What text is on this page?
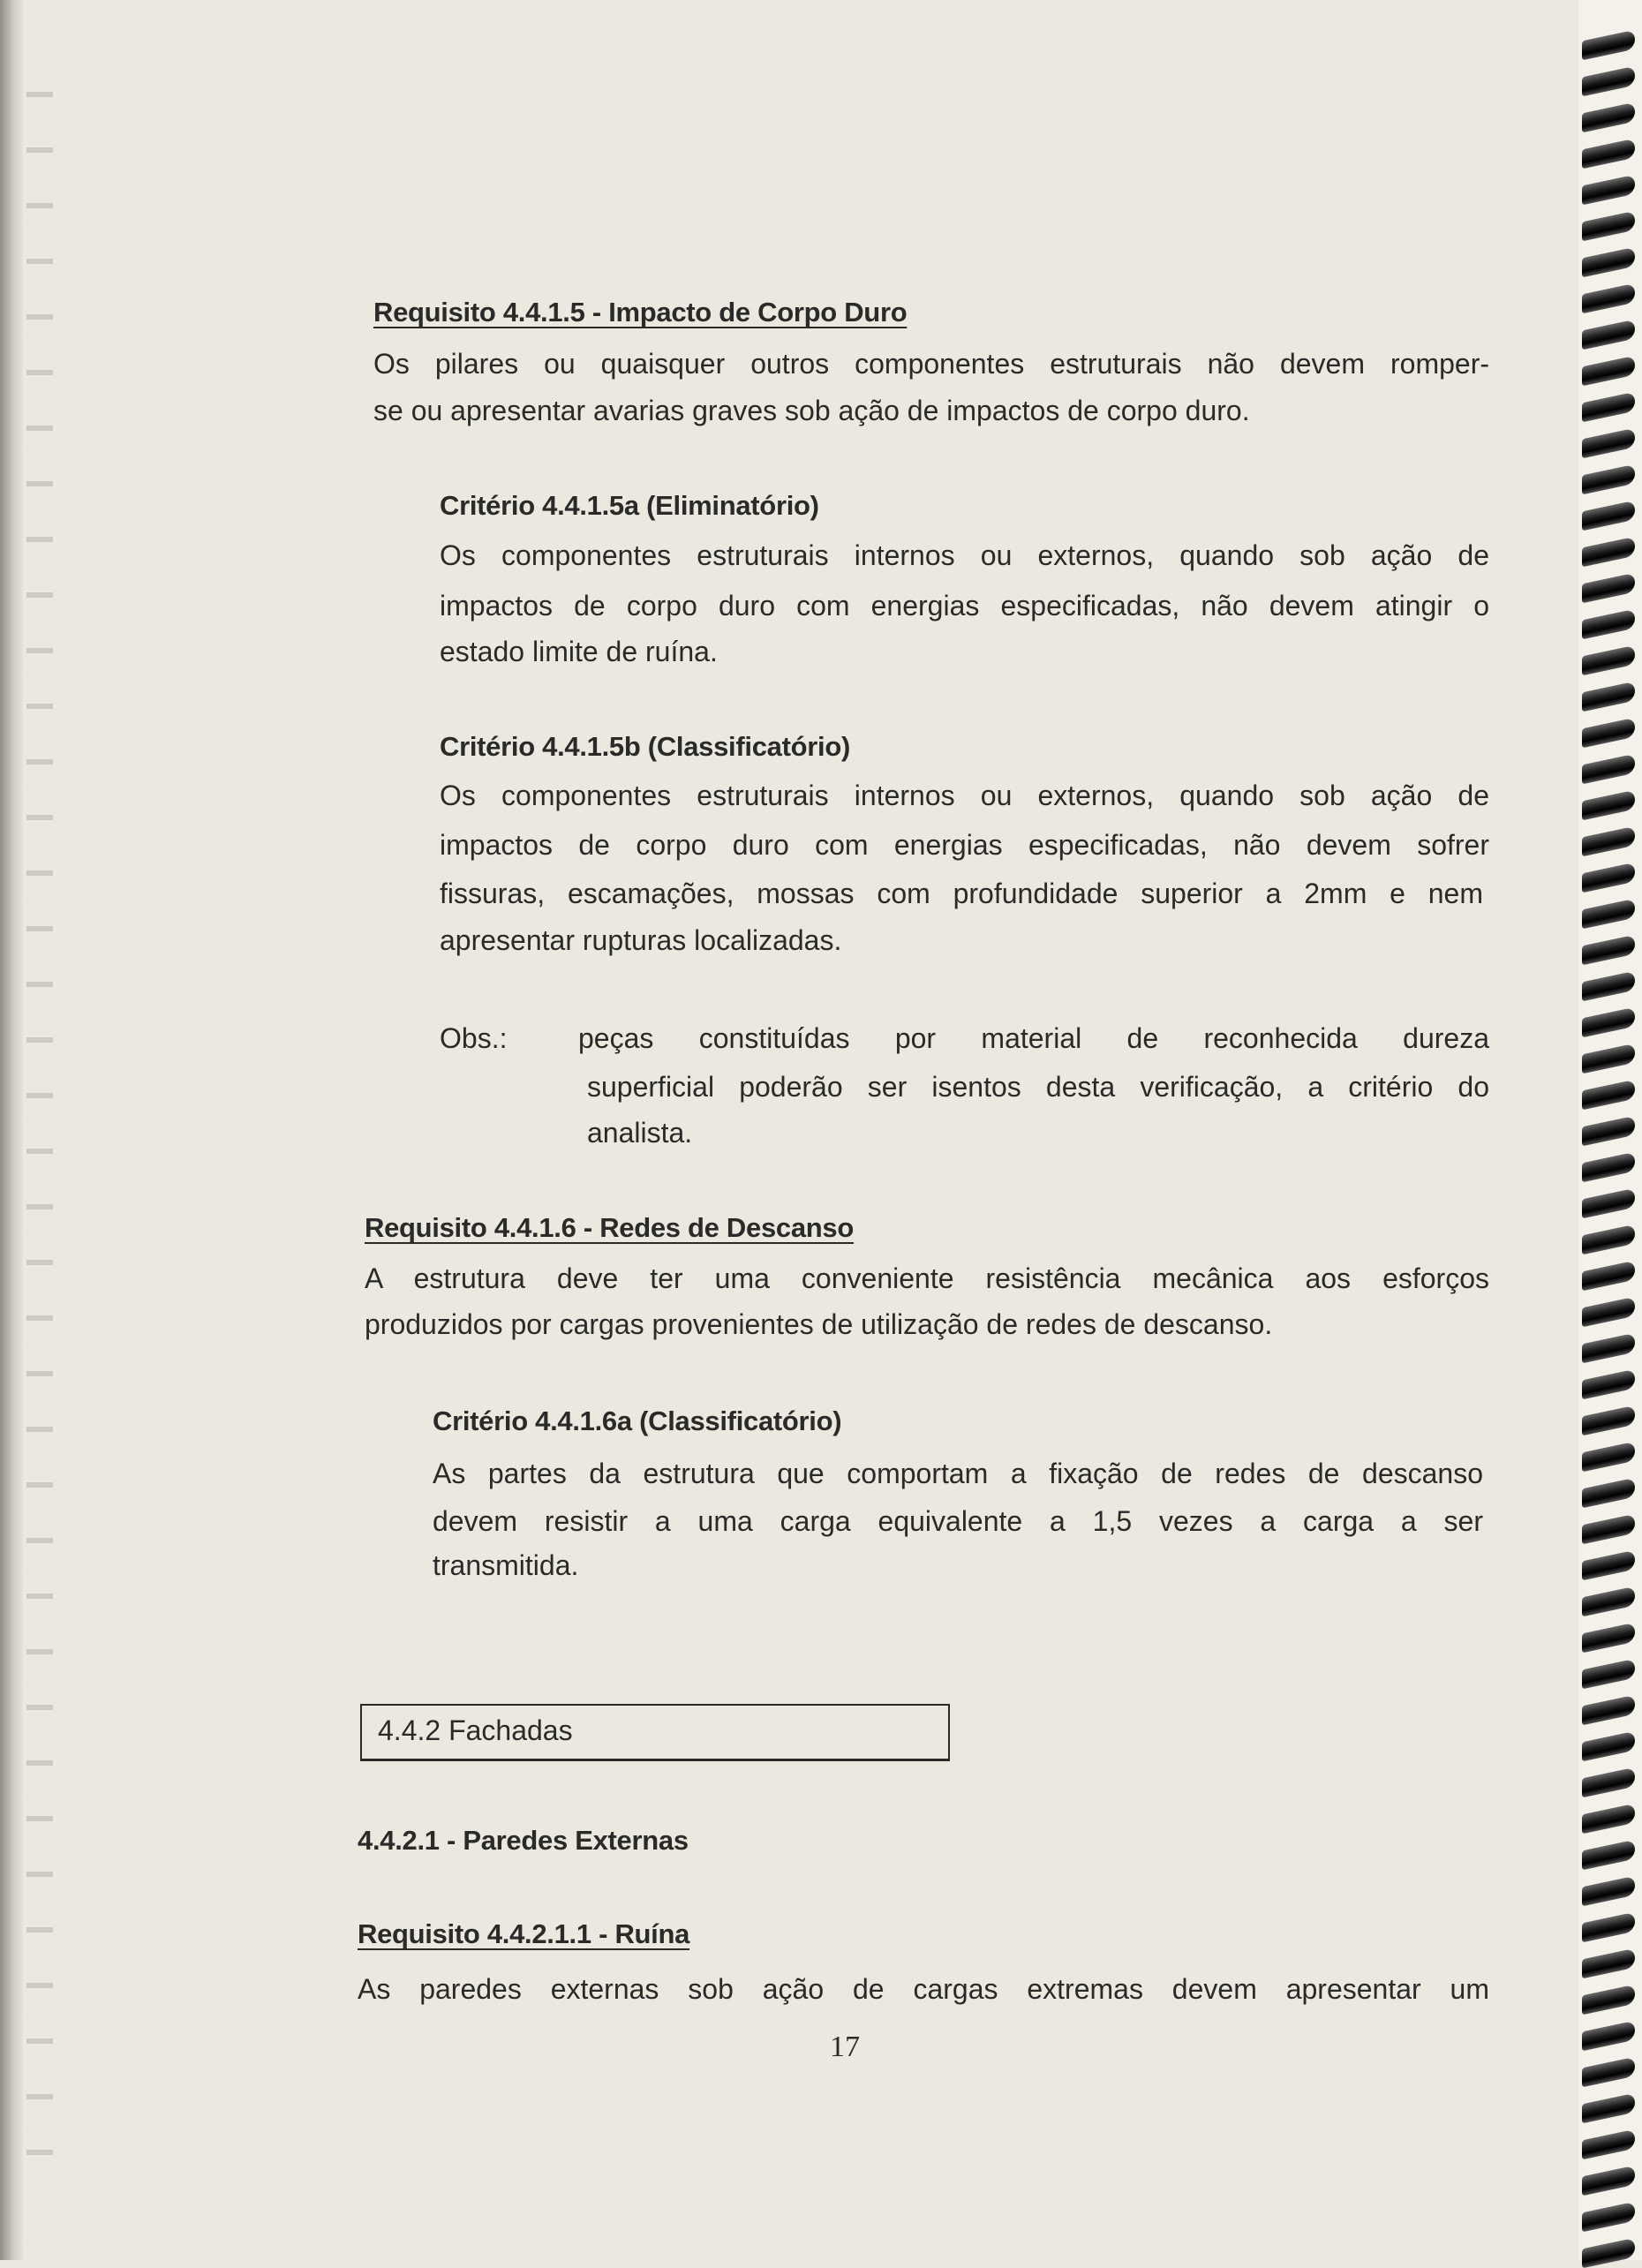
Requisito 4.4.1.5 - Impacto de Corpo Duro
Os pilares ou quaisquer outros componentes estruturais não devem romper-
se ou apresentar avarias graves sob ação de impactos de corpo duro.
Critério 4.4.1.5a (Eliminatório)
Os componentes estruturais internos ou externos, quando sob ação de
impactos de corpo duro com energias especificadas, não devem atingir o
estado limite de ruína.
Critério 4.4.1.5b (Classificatório)
Os componentes estruturais internos ou externos, quando sob ação de
impactos de corpo duro com energias especificadas, não devem sofrer
fissuras, escamações, mossas com profundidade superior a 2mm e nem
apresentar rupturas localizadas.
Obs.:	peças constituídas por material de reconhecida dureza
superficial poderão ser isentos desta verificação, a critério do
analista.
Requisito 4.4.1.6 - Redes de Descanso
A estrutura deve ter uma conveniente resistência mecânica aos esforços
produzidos por cargas provenientes de utilização de redes de descanso.
Critério 4.4.1.6a (Classificatório)
As partes da estrutura que comportam a fixação de redes de descanso
devem resistir a uma carga equivalente a 1,5 vezes a carga a ser
transmitida.
4.4.2 Fachadas
4.4.2.1 - Paredes Externas
Requisito 4.4.2.1.1 - Ruína
As paredes externas sob ação de cargas extremas devem apresentar um
17
